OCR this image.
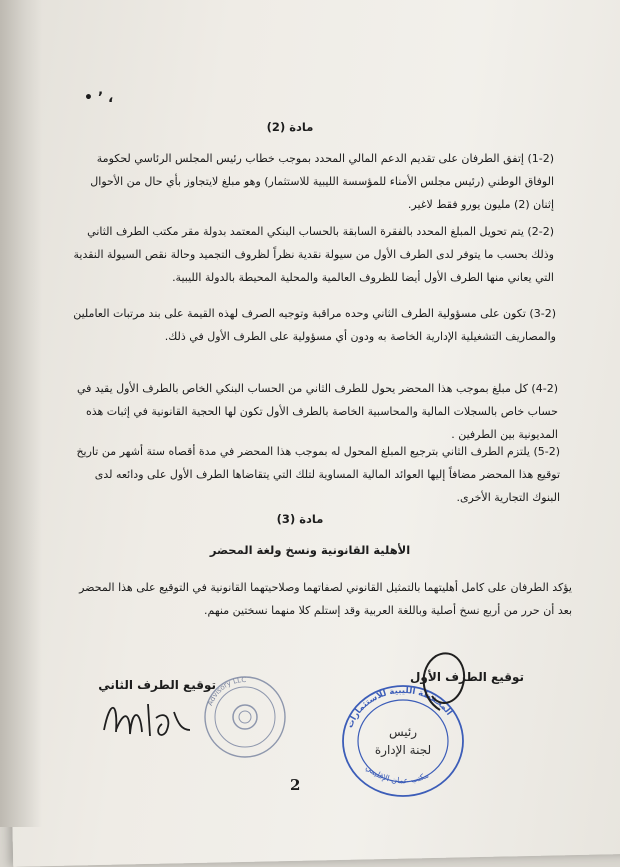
• ’ ،
مادة (2)
(1-2) إتفق الطرفان على تقديم الدعم المالي المحدد بموجب خطاب رئيس المجلس الرئاسي لحكومة الوفاق الوطني (رئيس مجلس الأمناء للمؤسسة الليبية للاستثمار) وهو مبلغ لايتجاوز بأي حال من الأحوال إثنان (2) مليون يورو فقط لاغير.
(2-2) يتم تحويل المبلغ المحدد بالفقرة السابقة بالحساب البنكي المعتمد بدولة مقر مكتب الطرف الثاني وذلك بحسب ما يتوفر لدى الطرف الأول من سيولة نقدية نظراً لظروف التجميد وحالة نقص السيولة النقدية التي يعاني منها الطرف الأول أيضا للظروف العالمية والمحلية المحيطة بالدولة الليبية.
(3-2) تكون على مسؤولية الطرف الثاني وحده مراقبة وتوجيه الصرف لهذه القيمة على بند مرتبات العاملين والمصاريف التشغيلية الإدارية الخاصة به ودون أي مسؤولية على الطرف الأول في ذلك.
(4-2) كل مبلغ بموجب هذا المحضر يحول للطرف الثاني من الحساب البنكي الخاص بالطرف الأول يقيد في حساب خاص بالسجلات المالية والمحاسبية الخاصة بالطرف الأول تكون لها الحجية القانونية في إثبات هذه المديونية بين الطرفين .
(5-2) يلتزم الطرف الثاني بترجيع المبلغ المحول له بموجب هذا المحضر في مدة أقصاه ستة أشهر من تاريخ توقيع هذا المحضر مضافاً إليها العوائد المالية المساوية لتلك التي يتقاضاها الطرف الأول على ودائعه لدى البنوك التجارية الأخرى.
مادة (3)
الأهلية القانونية ونسخ ولغة المحضر
يؤكد الطرفان على كامل أهليتهما بالتمثيل القانوني لصفاتهما وصلاحيتهما القانونية في التوقيع على هذا المحضر بعد أن حرر من أربع نسخ أصلية وباللغة العربية وقد إستلم كلا منهما نسختين منهم.
توقيع الطرف الأول
توقيع الطرف الثاني
Advisory LLC
المحفظة الليبية للاستثمارات
مكتب عمان الإقليمي
رئيس
لجنة الإدارة
2
